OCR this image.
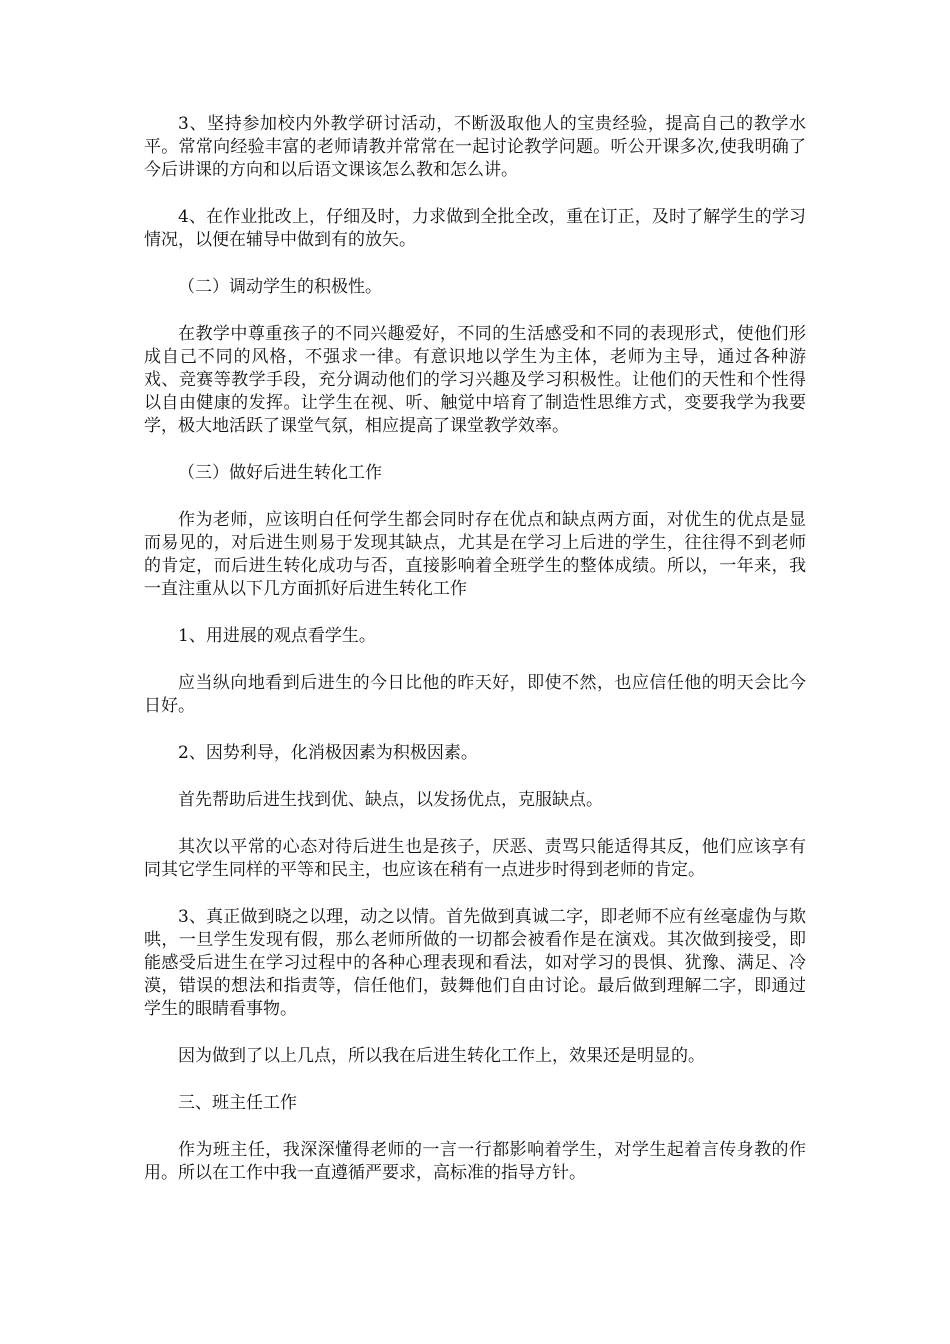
3、坚持参加校内外教学研讨活动，不断汲取他人的宝贵经验，提高自己的教学水平。常常向经验丰富的老师请教并常常在一起讨论教学问题。听公开课多次,使我明确了今后讲课的方向和以后语文课该怎么教和怎么讲。

4、在作业批改上，仔细及时，力求做到全批全改，重在订正，及时了解学生的学习情况，以便在辅导中做到有的放矢。

（二）调动学生的积极性。

在教学中尊重孩子的不同兴趣爱好，不同的生活感受和不同的表现形式，使他们形成自己不同的风格，不强求一律。有意识地以学生为主体，老师为主导，通过各种游戏、竞赛等教学手段，充分调动他们的学习兴趣及学习积极性。让他们的天性和个性得以自由健康的发挥。让学生在视、听、触觉中培育了制造性思维方式，变要我学为我要学，极大地活跃了课堂气氛，相应提高了课堂教学效率。

（三）做好后进生转化工作

作为老师，应该明白任何学生都会同时存在优点和缺点两方面，对优生的优点是显而易见的，对后进生则易于发现其缺点，尤其是在学习上后进的学生，往往得不到老师的肯定，而后进生转化成功与否，直接影响着全班学生的整体成绩。所以，一年来，我一直注重从以下几方面抓好后进生转化工作

1、用进展的观点看学生。

应当纵向地看到后进生的今日比他的昨天好，即使不然，也应信任他的明天会比今日好。

2、因势利导，化消极因素为积极因素。

首先帮助后进生找到优、缺点，以发扬优点，克服缺点。

其次以平常的心态对待后进生也是孩子，厌恶、责骂只能适得其反，他们应该享有同其它学生同样的平等和民主，也应该在稍有一点进步时得到老师的肯定。

3、真正做到晓之以理，动之以情。首先做到真诚二字，即老师不应有丝毫虚伪与欺哄，一旦学生发现有假，那么老师所做的一切都会被看作是在演戏。其次做到接受，即能感受后进生在学习过程中的各种心理表现和看法，如对学习的畏惧、犹豫、满足、冷漠，错误的想法和指责等，信任他们，鼓舞他们自由讨论。最后做到理解二字，即通过学生的眼睛看事物。

因为做到了以上几点，所以我在后进生转化工作上，效果还是明显的。

三、班主任工作

作为班主任，我深深懂得老师的一言一行都影响着学生，对学生起着言传身教的作用。所以在工作中我一直遵循严要求，高标准的指导方针。
